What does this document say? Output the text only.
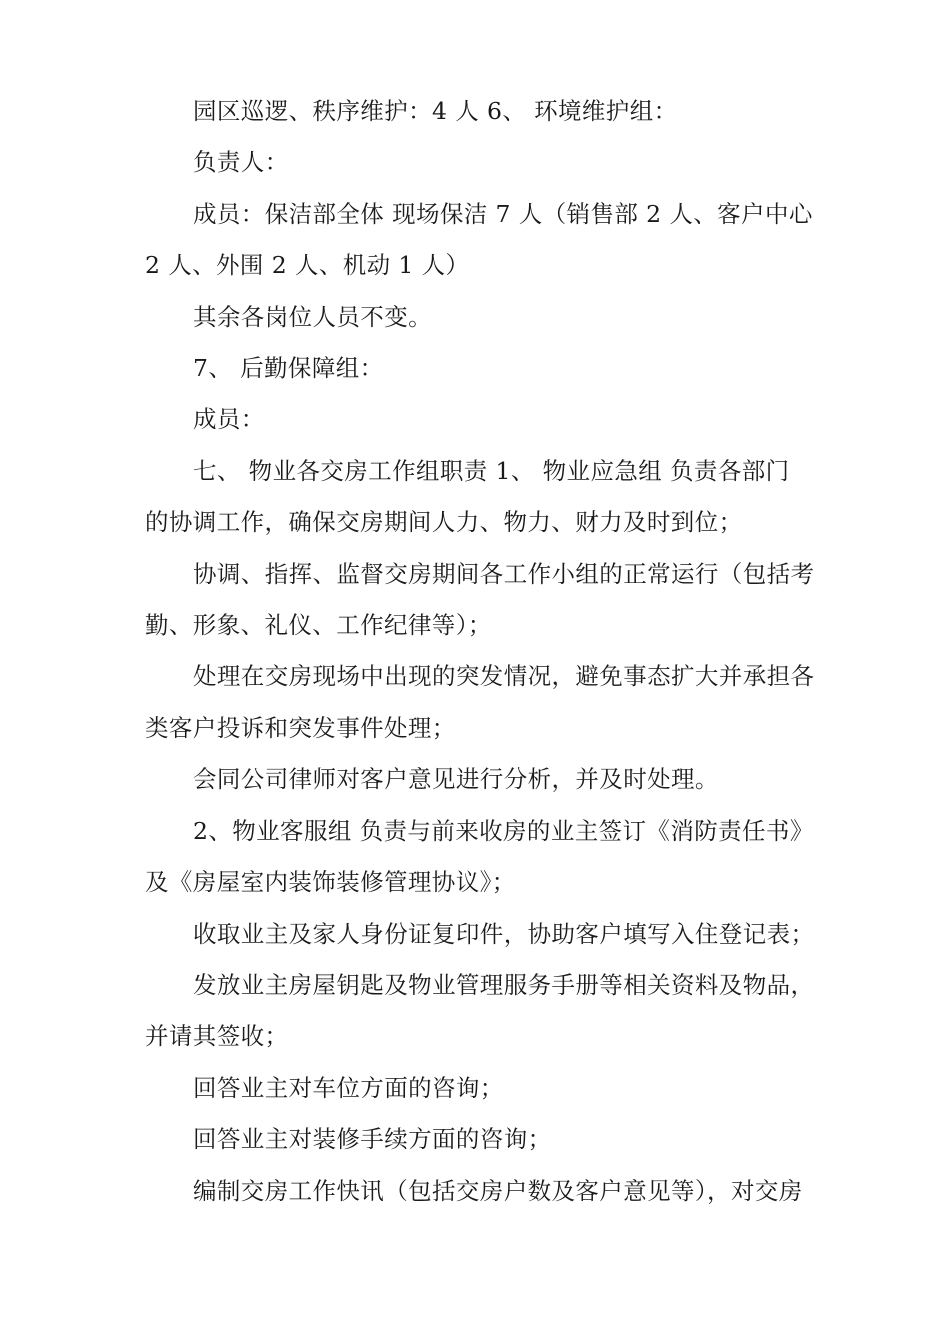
园区巡逻、秩序维护：4 人 6、 环境维护组：

负责人：

成员：保洁部全体 现场保洁 7 人（销售部 2 人、客户中心

2 人、外围 2 人、机动 1 人）

其余各岗位人员不变。

7、 后勤保障组：

成员：

七、 物业各交房工作组职责 1、 物业应急组 负责各部门

的协调工作，确保交房期间人力、物力、财力及时到位；

协调、指挥、监督交房期间各工作小组的正常运行（包括考

勤、形象、礼仪、工作纪律等）；

处理在交房现场中出现的突发情况，避免事态扩大并承担各

类客户投诉和突发事件处理；

会同公司律师对客户意见进行分析，并及时处理。

2、物业客服组 负责与前来收房的业主签订《消防责任书》

及《房屋室内装饰装修管理协议》；

收取业主及家人身份证复印件，协助客户填写入住登记表；

发放业主房屋钥匙及物业管理服务手册等相关资料及物品，

并请其签收；

回答业主对车位方面的咨询；

回答业主对装修手续方面的咨询；

编制交房工作快讯（包括交房户数及客户意见等），对交房
